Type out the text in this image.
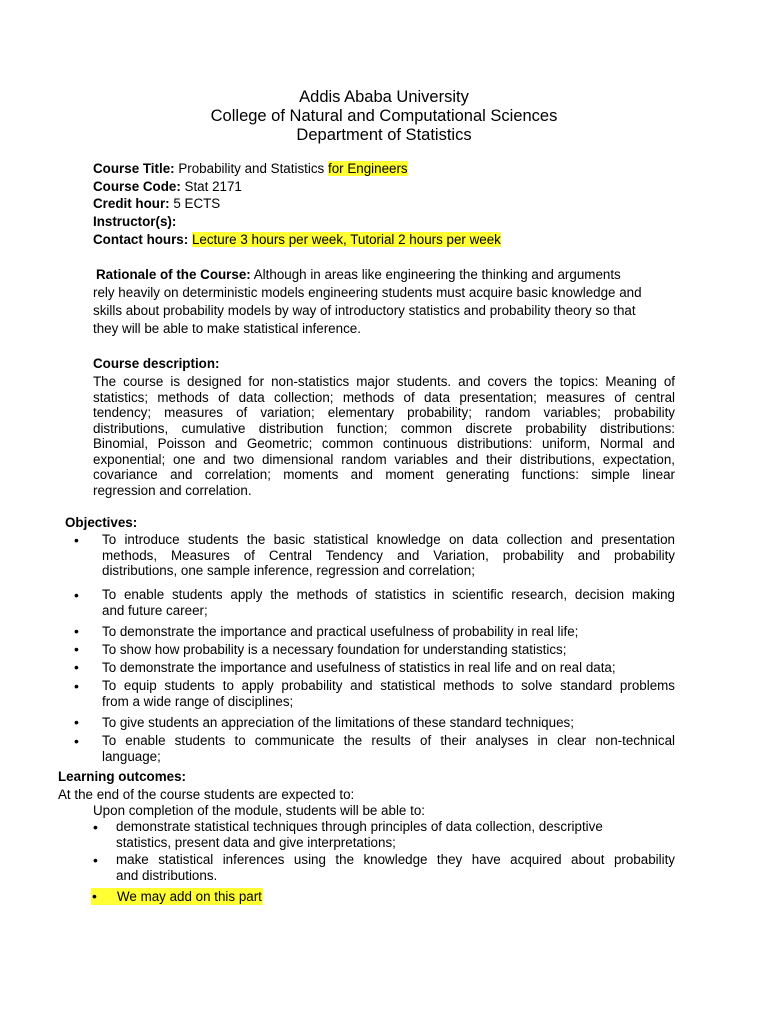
Addis Ababa University
College of Natural and Computational Sciences
Department of Statistics
Course Title: Probability and Statistics for Engineers
Course Code: Stat 2171
Credit hour: 5 ECTS
Instructor(s):
Contact hours: Lecture 3 hours per week, Tutorial 2 hours per week
Rationale of the Course: Although in areas like engineering the thinking and arguments
rely heavily on deterministic models engineering students must acquire basic knowledge and
skills about probability models by way of introductory statistics and probability theory so that
they will be able to make statistical inference.
Course description:
The course is designed for non-statistics major students. and covers the topics: Meaning of
statistics; methods of data collection; methods of data presentation; measures of central
tendency; measures of variation; elementary probability; random variables; probability
distributions, cumulative distribution function; common discrete probability distributions:
Binomial, Poisson and Geometric; common continuous distributions: uniform, Normal and
exponential; one and two dimensional random variables and their distributions, expectation,
covariance and correlation; moments and moment generating functions: simple linear
regression and correlation.
Objectives:
• To introduce students the basic statistical knowledge on data collection and presentation
methods, Measures of Central Tendency and Variation, probability and probability
distributions, one sample inference, regression and correlation;
• To enable students apply the methods of statistics in scientific research, decision making
and future career;
• To demonstrate the importance and practical usefulness of probability in real life;
• To show how probability is a necessary foundation for understanding statistics;
• To demonstrate the importance and usefulness of statistics in real life and on real data;
• To equip students to apply probability and statistical methods to solve standard problems
from a wide range of disciplines;
• To give students an appreciation of the limitations of these standard techniques;
• To enable students to communicate the results of their analyses in clear non-technical
language;
Learning outcomes:
At the end of the course students are expected to:
Upon completion of the module, students will be able to:
• demonstrate statistical techniques through principles of data collection, descriptive
statistics, present data and give interpretations;
• make statistical inferences using the knowledge they have acquired about probability
and distributions.
• We may add on this part
